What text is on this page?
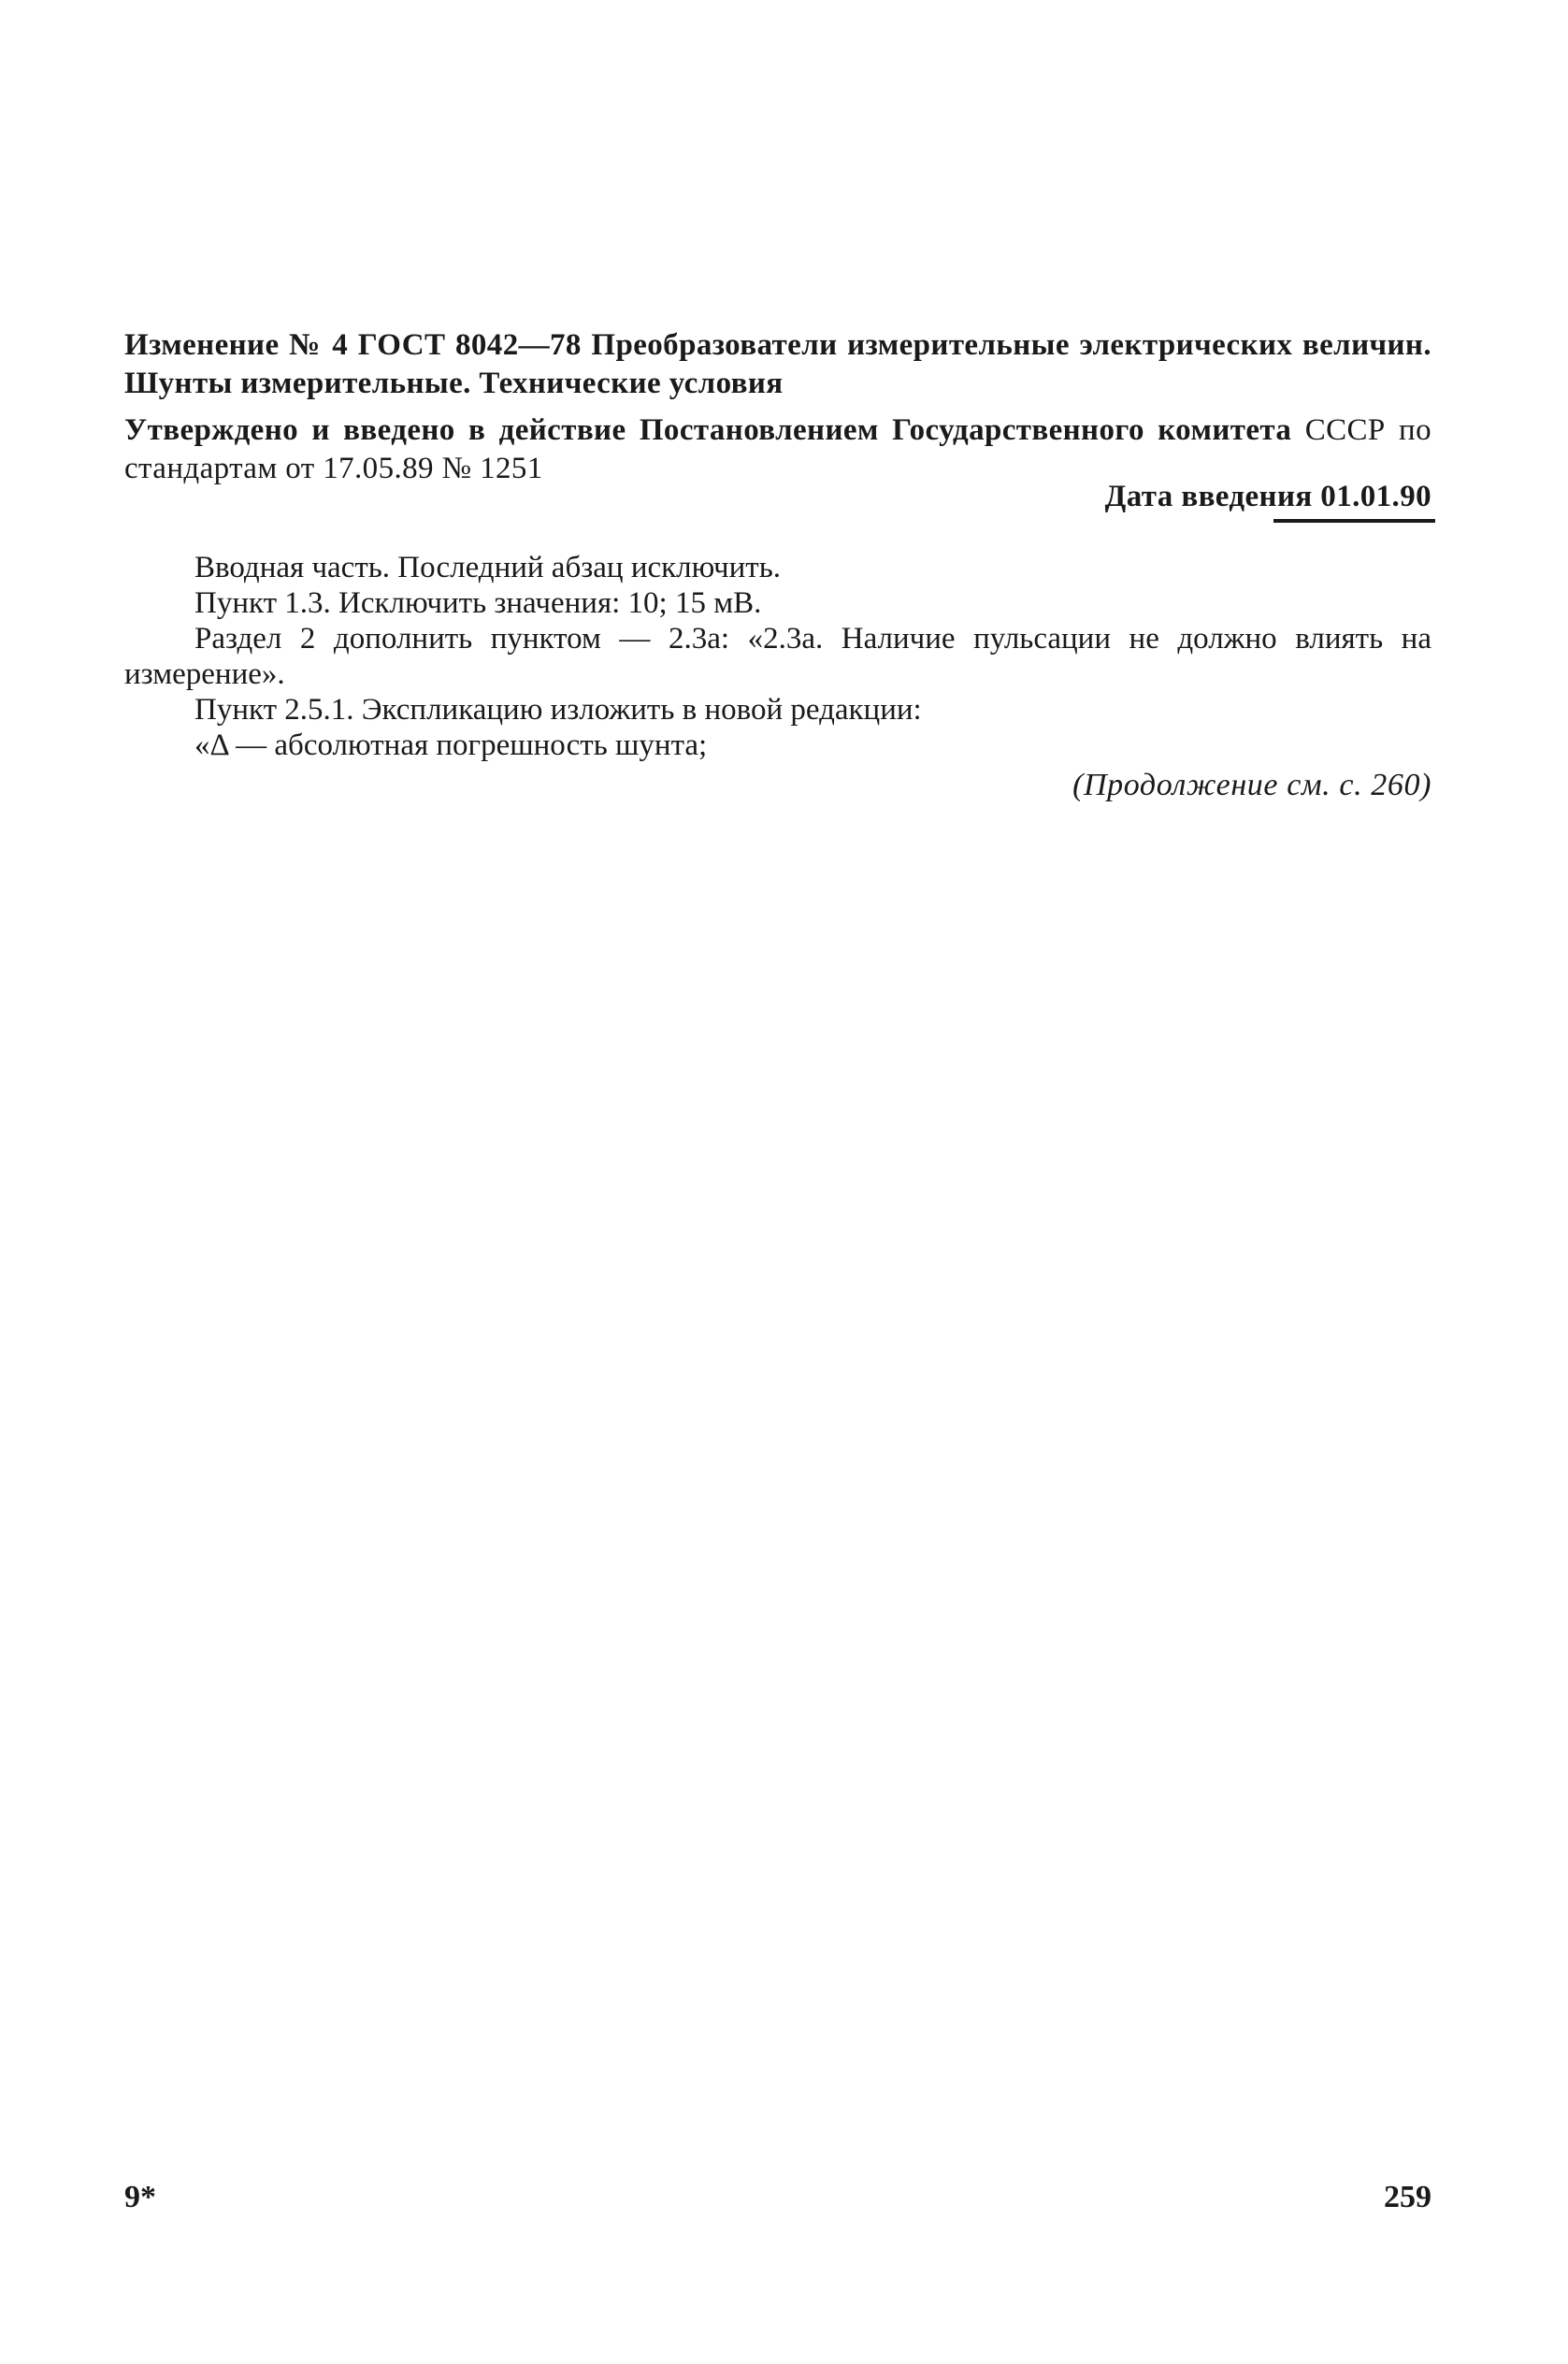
Изменение № 4 ГОСТ 8042—78 Преобразователи измерительные электрических величин. Шунты измерительные. Технические условия
Утверждено и введено в действие Постановлением Государственного комитета СССР по стандартам от 17.05.89 № 1251
Дата введения 01.01.90

Вводная часть. Последний абзац исключить.

Пункт 1.3. Исключить значения: 10; 15 мВ.

Раздел 2 дополнить пунктом — 2.3а: «2.3а. Наличие пульсации не должно влиять на измерение».

Пункт 2.5.1. Экспликацию изложить в новой редакции:

«Δ — абсолютная погрешность шунта;

(Продолжение см. с. 260)
9*	259
